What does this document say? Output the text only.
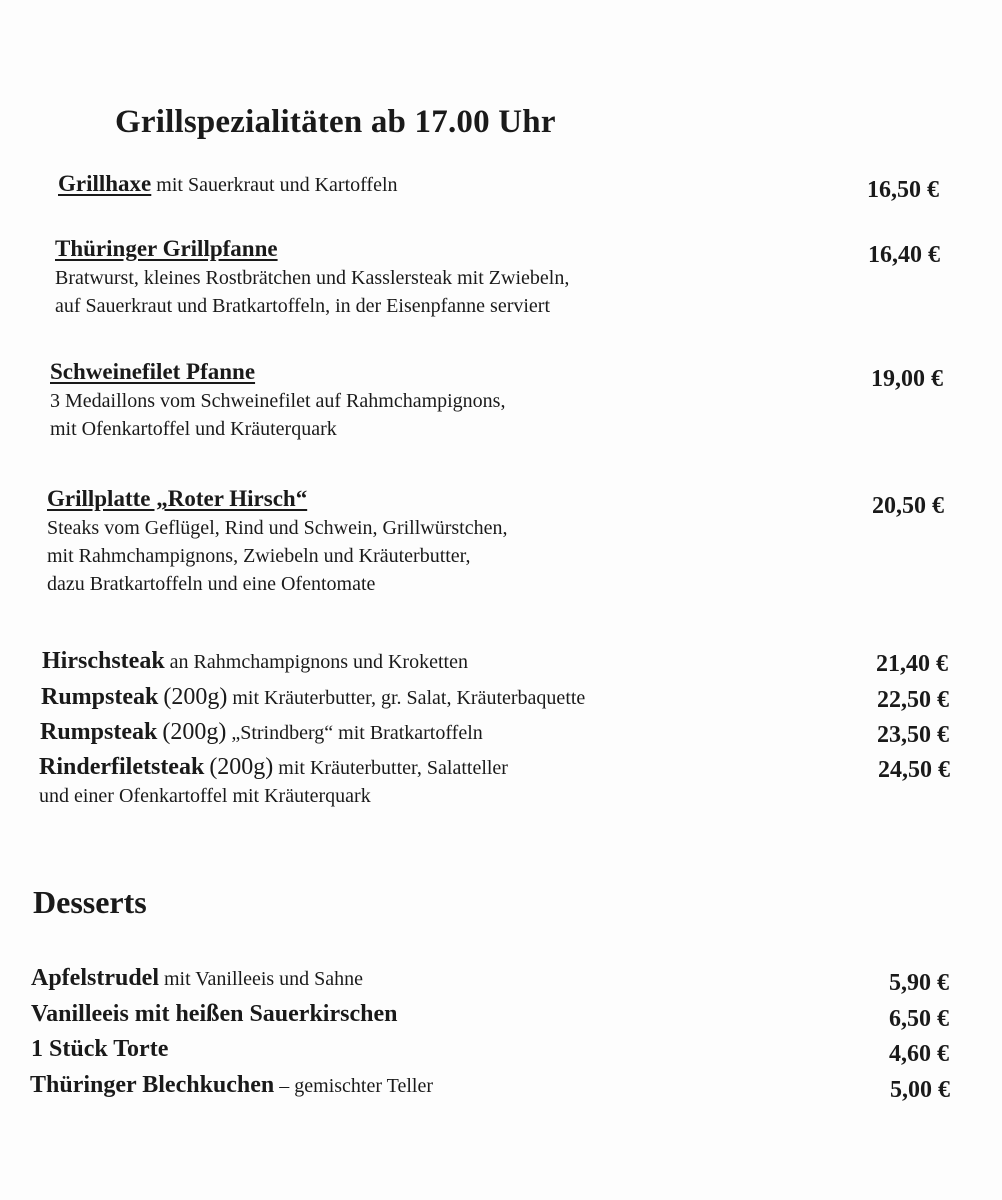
Grillspezialitäten ab 17.00 Uhr
Grillhaxe mit Sauerkraut und Kartoffeln	16,50 €
Thüringer Grillpfanne
Bratwurst, kleines Rostbrätchen und Kasslersteak mit Zwiebeln,
auf Sauerkraut und Bratkartoffeln, in der Eisenpfanne serviert
16,40 €
Schweinefilet Pfanne
3 Medaillons vom Schweinefilet auf Rahmchampignons,
mit Ofenkartoffel und Kräuterquark
19,00 €
Grillplatte „Roter Hirsch“
Steaks vom Geflügel, Rind und Schwein, Grillwürstchen,
mit Rahmchampignons, Zwiebeln und Kräuterbutter,
dazu Bratkartoffeln und eine Ofentomate
20,50 €
Hirschsteak an Rahmchampignons und Kroketten	21,40 €
Rumpsteak (200g) mit Kräuterbutter, gr. Salat, Kräuterbaquette	22,50 €
Rumpsteak (200g) „Strindberg“ mit Bratkartoffeln	23,50 €
Rinderfiletsteak (200g) mit Kräuterbutter, Salatteller
und einer Ofenkartoffel mit Kräuterquark
24,50 €
Desserts
Apfelstrudel mit Vanilleeis und Sahne	5,90 €
Vanilleeis mit heißen Sauerkirschen	6,50 €
1 Stück Torte	4,60 €
Thüringer Blechkuchen – gemischter Teller	5,00 €
